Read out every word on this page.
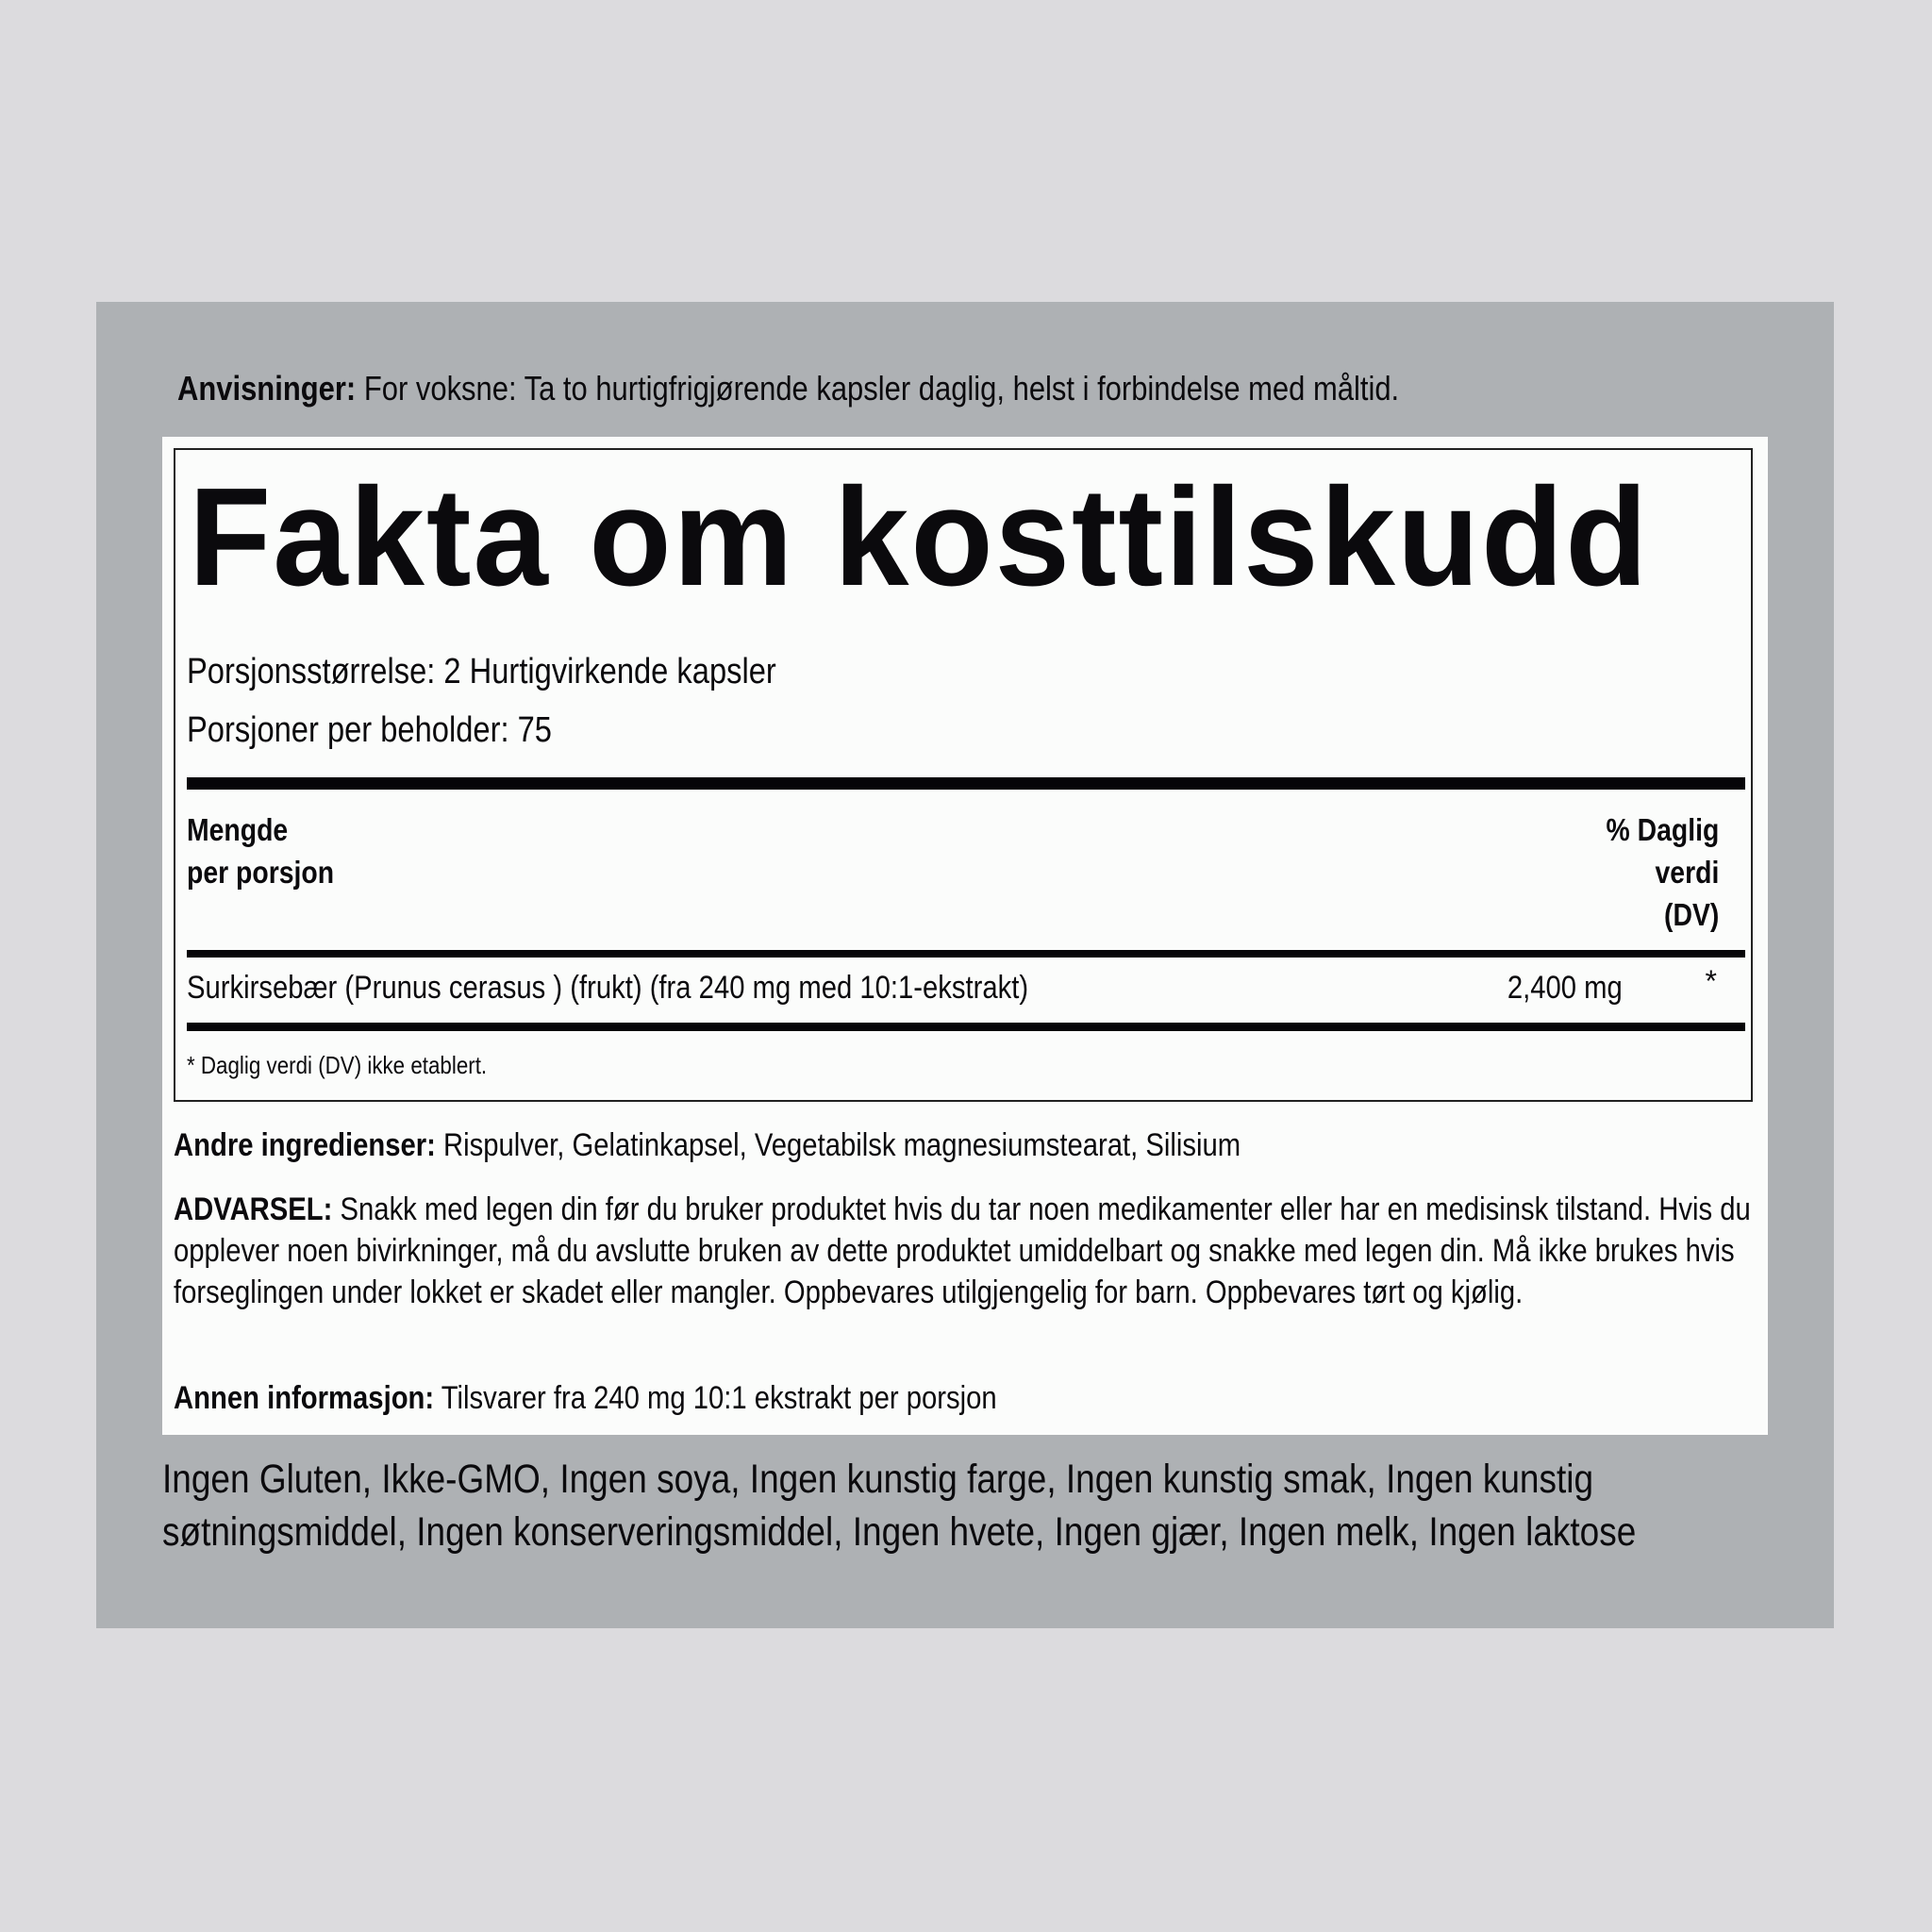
Anvisninger: For voksne: Ta to hurtigfrigjørende kapsler daglig, helst i forbindelse med måltid.
Fakta om kosttilskudd
Porsjonsstørrelse: 2 Hurtigvirkende kapsler
Porsjoner per beholder: 75
Mengde
per porsjon
% Daglig
verdi
(DV)
Surkirsebær (Prunus cerasus ) (frukt) (fra 240 mg med 10:1-ekstrakt)	2,400 mg	*
* Daglig verdi (DV) ikke etablert.
Andre ingredienser: Rispulver, Gelatinkapsel, Vegetabilsk magnesiumstearat, Silisium
ADVARSEL: Snakk med legen din før du bruker produktet hvis du tar noen medikamenter eller har en medisinsk tilstand. Hvis du opplever noen bivirkninger, må du avslutte bruken av dette produktet umiddelbart og snakke med legen din. Må ikke brukes hvis forseglingen under lokket er skadet eller mangler. Oppbevares utilgjengelig for barn. Oppbevares tørt og kjølig.
Annen informasjon: Tilsvarer fra 240 mg 10:1 ekstrakt per porsjon
Ingen Gluten, Ikke-GMO, Ingen soya, Ingen kunstig farge, Ingen kunstig smak, Ingen kunstig søtningsmiddel, Ingen konserveringsmiddel, Ingen hvete, Ingen gjær, Ingen melk, Ingen laktose
